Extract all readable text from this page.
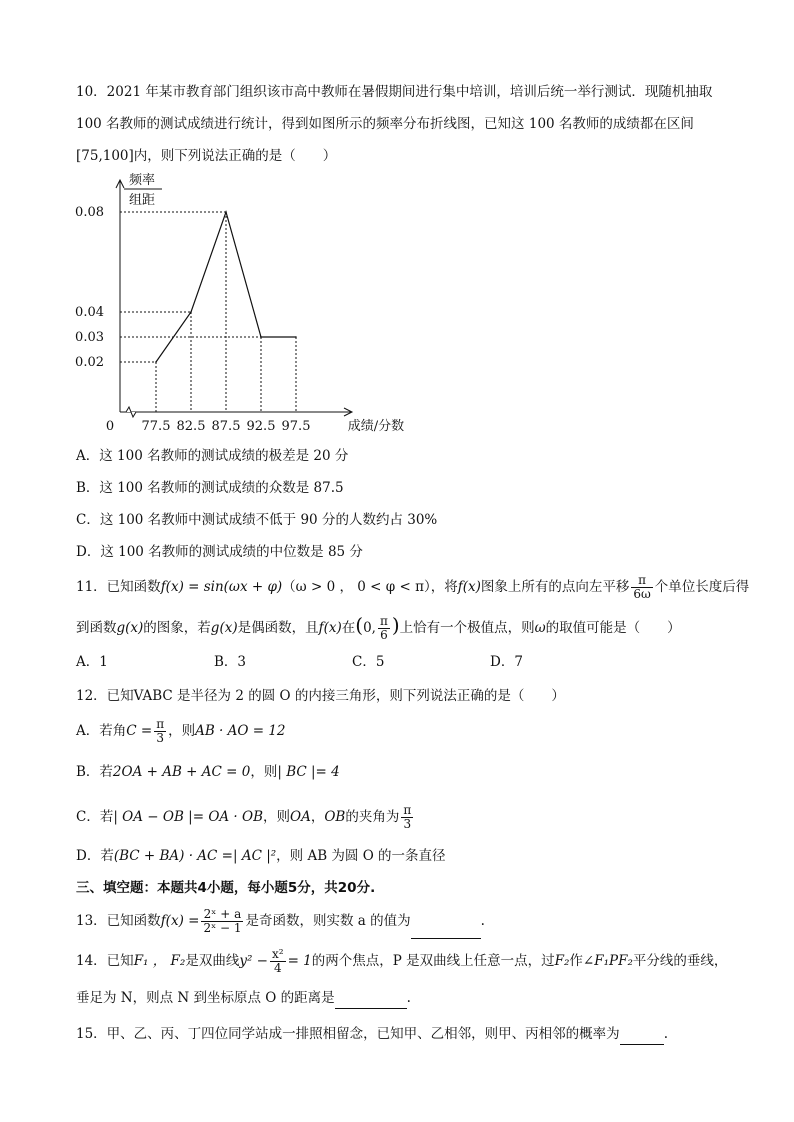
10．2021 年某市教育部门组织该市高中教师在暑假期间进行集中培训，培训后统一举行测试．现随机抽取
100 名教师的测试成绩进行统计，得到如图所示的频率分布折线图，已知这 100 名教师的成绩都在区间
[75,100]内，则下列说法正确的是（　　）
频率
组距
0	成绩/分数
0.02
0.03
0.04
0.08
77.5 82.5 87.5 92.5 97.5
A．这 100 名教师的测试成绩的极差是 20 分
B．这 100 名教师的测试成绩的众数是 87.5
C．这 100 名教师中测试成绩不低于 90 分的人数约占 30%
D．这 100 名教师的测试成绩的中位数是 85 分
11．已知函数f(x) = sin(ωx + φ)（ω > 0 ， 0 < φ < π），将f(x)图象上所有的点向左平移 $\frac{\pi}{6\omega}$ 个单位长度后得
到函数g(x)的图象，若g(x)是偶函数，且f(x)在(0, $\frac{\pi}{6}$ )上恰有一个极值点，则ω的取值可能是（　　）
A．1	B．3	C．5	D．7
12．已知VABC 是半径为 2 的圆 O 的内接三角形，则下列说法正确的是（　　）
A．若角$C = \frac{\pi}{3}$ ，则AB · AO = 12
B．若2OA + AB + AC = 0，则| BC |= 4
C．若| OA − OB |= OA · OB，则OA，OB的夹角为 $\frac{\pi}{3}$
D．若(BC + BA) · AC =| AC |²，则 AB 为圆 O 的一条直径
三、填空题：本题共4小题，每小题5分，共20分.
13．已知函数$f(x) = \frac{\text{2ˣ + a}}{\text{2ˣ − 1}}$ 是奇函数，则实数 a 的值为	.
14．已知F₁ ， F₂是双曲线$y^2 - \frac{\text{x²}}{4} = 1$的两个焦点，P 是双曲线上任意一点，过F₂作∠F₁PF₂平分线的垂线，
垂足为 N，则点 N 到坐标原点 O 的距离是	.
15．甲、乙、丙、丁四位同学站成一排照相留念，已知甲、乙相邻，则甲、丙相邻的概率为	.
